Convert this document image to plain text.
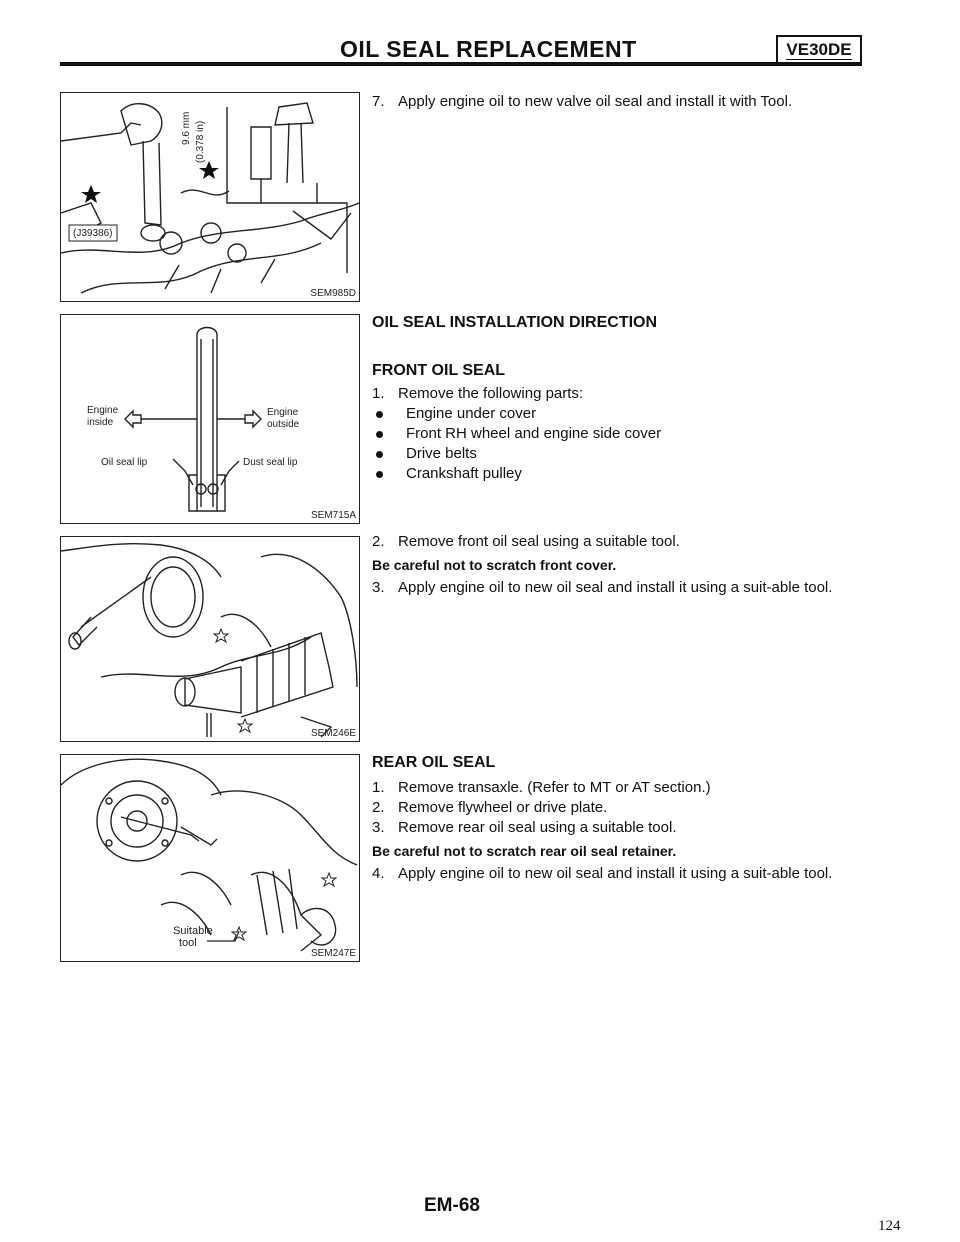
OIL SEAL REPLACEMENT	VE30DE
(J39386)
9.6 mm (0.378 in)
SEM985D
Engine inside
Engine outside
Oil seal lip	Dust seal lip
SEM715A
SEM246E
Suitable
tool
SEM247E
7. Apply engine oil to new valve oil seal and install it with Tool.
OIL SEAL INSTALLATION DIRECTION
FRONT OIL SEAL
1. Remove the following parts:
Engine under cover
Front RH wheel and engine side cover
Drive belts
Crankshaft pulley
2. Remove front oil seal using a suitable tool.
Be careful not to scratch front cover.
3. Apply engine oil to new oil seal and install it using a suit-able tool.
REAR OIL SEAL
1. Remove transaxle. (Refer to MT or AT section.)
2. Remove flywheel or drive plate.
3. Remove rear oil seal using a suitable tool.
Be careful not to scratch rear oil seal retainer.
4. Apply engine oil to new oil seal and install it using a suit-able tool.
EM-68
124
